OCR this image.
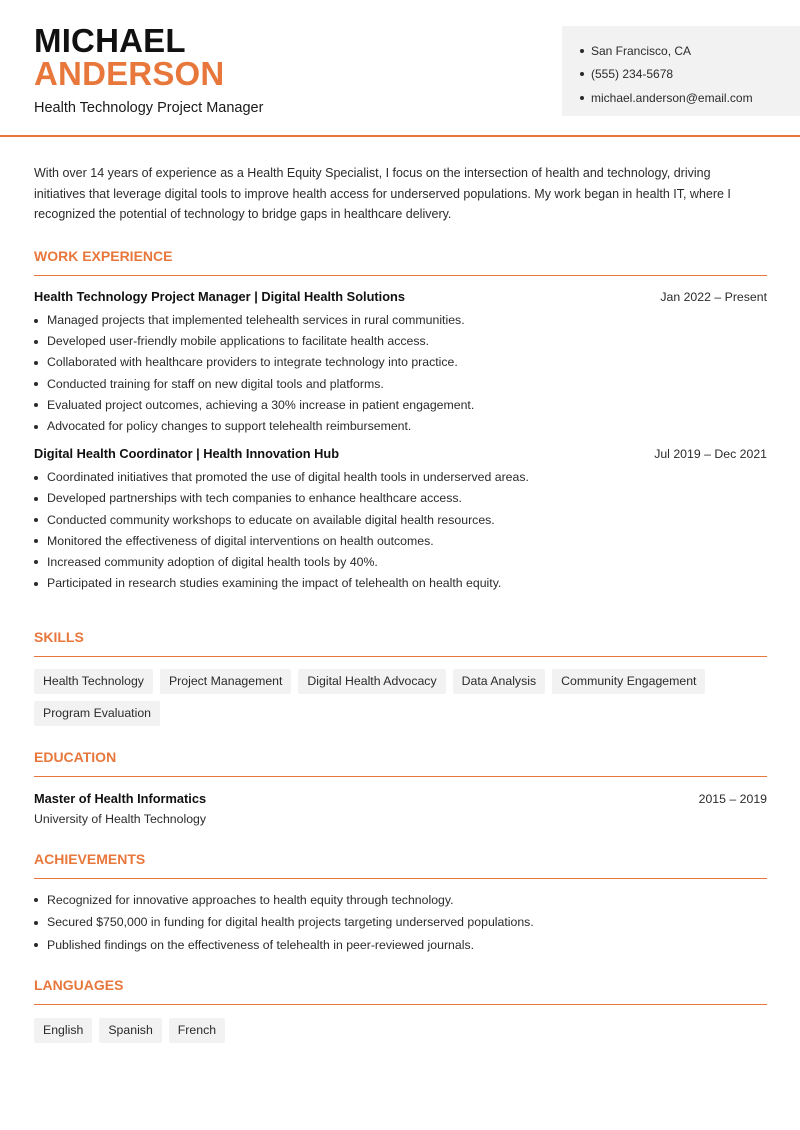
MICHAEL
ANDERSON
Health Technology Project Manager
San Francisco, CA
(555) 234-5678
michael.anderson@email.com
With over 14 years of experience as a Health Equity Specialist, I focus on the intersection of health and technology, driving initiatives that leverage digital tools to improve health access for underserved populations. My work began in health IT, where I recognized the potential of technology to bridge gaps in healthcare delivery.
WORK EXPERIENCE
Health Technology Project Manager | Digital Health Solutions	Jan 2022 – Present
Managed projects that implemented telehealth services in rural communities.
Developed user-friendly mobile applications to facilitate health access.
Collaborated with healthcare providers to integrate technology into practice.
Conducted training for staff on new digital tools and platforms.
Evaluated project outcomes, achieving a 30% increase in patient engagement.
Advocated for policy changes to support telehealth reimbursement.
Digital Health Coordinator | Health Innovation Hub	Jul 2019 – Dec 2021
Coordinated initiatives that promoted the use of digital health tools in underserved areas.
Developed partnerships with tech companies to enhance healthcare access.
Conducted community workshops to educate on available digital health resources.
Monitored the effectiveness of digital interventions on health outcomes.
Increased community adoption of digital health tools by 40%.
Participated in research studies examining the impact of telehealth on health equity.
SKILLS
Health Technology	Project Management	Digital Health Advocacy	Data Analysis	Community Engagement
Program Evaluation
EDUCATION
Master of Health Informatics	2015 – 2019
University of Health Technology
ACHIEVEMENTS
Recognized for innovative approaches to health equity through technology.
Secured $750,000 in funding for digital health projects targeting underserved populations.
Published findings on the effectiveness of telehealth in peer-reviewed journals.
LANGUAGES
English	Spanish	French
